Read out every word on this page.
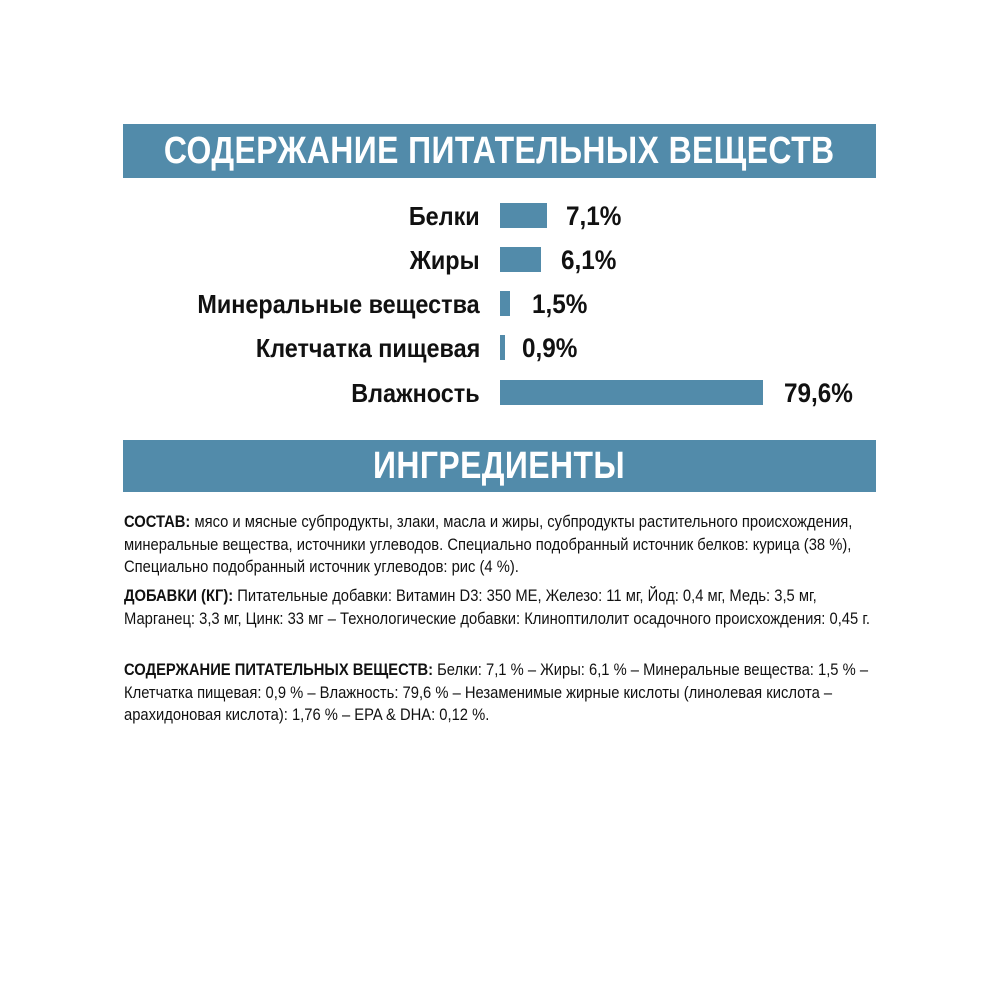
СОДЕРЖАНИЕ ПИТАТЕЛЬНЫХ ВЕЩЕСТВ
Белки	7,1%
Жиры	6,1%
Минеральные вещества 1,5%
Клетчатка пищевая 0,9%
Влажность	79,6%
ИНГРЕДИЕНТЫ
СОСТАВ: мясо и мясные субпродукты, злаки, масла и жиры, субпродукты растительного происхождения, минеральные вещества, источники углеводов. Специально подобранный источник белков: курица (38 %), Специально подобранный источник углеводов: рис (4 %).
ДОБАВКИ (КГ): Питательные добавки: Витамин D3: 350 МЕ, Железо: 11 мг, Йод: 0,4 мг, Медь: 3,5 мг, Марганец: 3,3 мг, Цинк: 33 мг – Технологические добавки: Клиноптилолит осадочного происхождения: 0,45 г.
СОДЕРЖАНИЕ ПИТАТЕЛЬНЫХ ВЕЩЕСТВ: Белки: 7,1 % – Жиры: 6,1 % – Минеральные вещества: 1,5 % – Клетчатка пищевая: 0,9 % – Влажность: 79,6 % – Незаменимые жирные кислоты (линолевая кислота – арахидоновая кислота): 1,76 % – EPA & DHA: 0,12 %.
